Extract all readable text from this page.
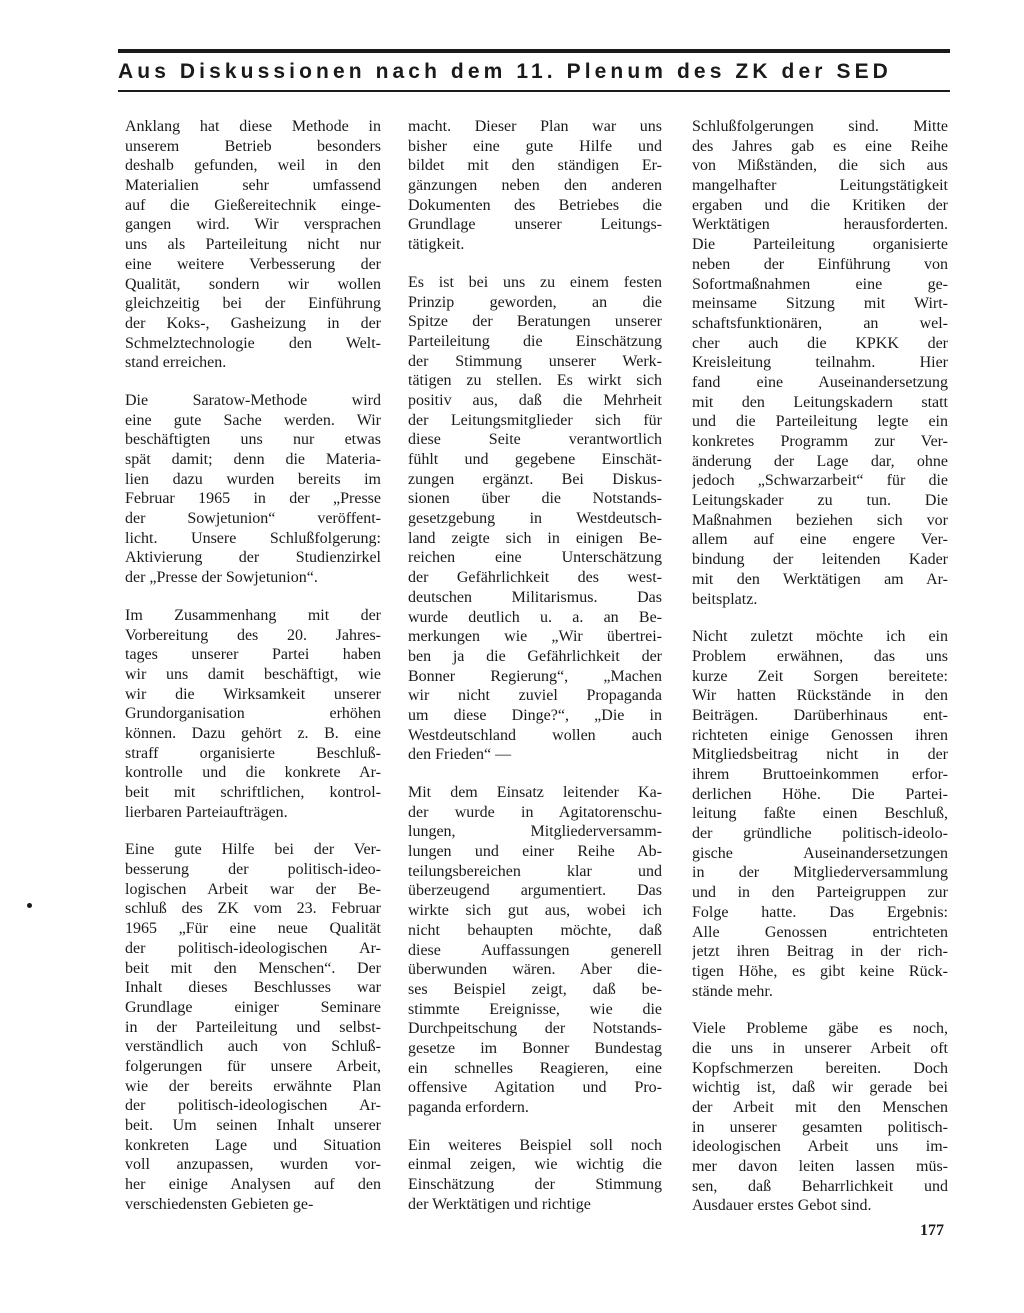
Aus Diskussionen nach dem 11. Plenum des ZK der SED
Anklang hat diese Methode in
unserem Betrieb besonders
deshalb gefunden, weil in den
Materialien sehr umfassend
auf die Gießereitechnik einge-
gangen wird. Wir versprachen
uns als Parteileitung nicht nur
eine weitere Verbesserung der
Qualität, sondern wir wollen
gleichzeitig bei der Einführung
der Koks-, Gasheizung in der
Schmelztechnologie den Welt-
stand erreichen.
Die Saratow-Methode wird
eine gute Sache werden. Wir
beschäftigten uns nur etwas
spät damit; denn die Materia-
lien dazu wurden bereits im
Februar 1965 in der „Presse
der Sowjetunion“ veröffent-
licht. Unsere Schlußfolgerung:
Aktivierung der Studienzirkel
der „Presse der Sowjetunion“.
Im Zusammenhang mit der
Vorbereitung des 20. Jahres-
tages unserer Partei haben
wir uns damit beschäftigt, wie
wir die Wirksamkeit unserer
Grundorganisation erhöhen
können. Dazu gehört z. B. eine
straff organisierte Beschluß-
kontrolle und die konkrete Ar-
beit mit schriftlichen, kontrol-
lierbaren Parteiaufträgen.
Eine gute Hilfe bei der Ver-
besserung der politisch-ideo-
logischen Arbeit war der Be-
schluß des ZK vom 23. Februar
1965 „Für eine neue Qualität
der politisch-ideologischen Ar-
beit mit den Menschen“. Der
Inhalt dieses Beschlusses war
Grundlage einiger Seminare
in der Parteileitung und selbst-
verständlich auch von Schluß-
folgerungen für unsere Arbeit,
wie der bereits erwähnte Plan
der politisch-ideologischen Ar-
beit. Um seinen Inhalt unserer
konkreten Lage und Situation
voll anzupassen, wurden vor-
her einige Analysen auf den
verschiedensten Gebieten ge-
macht. Dieser Plan war uns
bisher eine gute Hilfe und
bildet mit den ständigen Er-
gänzungen neben den anderen
Dokumenten des Betriebes die
Grundlage unserer Leitungs-
tätigkeit.
Es ist bei uns zu einem festen
Prinzip geworden, an die
Spitze der Beratungen unserer
Parteileitung die Einschätzung
der Stimmung unserer Werk-
tätigen zu stellen. Es wirkt sich
positiv aus, daß die Mehrheit
der Leitungsmitglieder sich für
diese Seite verantwortlich
fühlt und gegebene Einschät-
zungen ergänzt. Bei Diskus-
sionen über die Notstands-
gesetzgebung in Westdeutsch-
land zeigte sich in einigen Be-
reichen eine Unterschätzung
der Gefährlichkeit des west-
deutschen Militarismus. Das
wurde deutlich u. a. an Be-
merkungen wie „Wir übertrei-
ben ja die Gefährlichkeit der
Bonner Regierung“, „Machen
wir nicht zuviel Propaganda
um diese Dinge?“, „Die in
Westdeutschland wollen auch
den Frieden“ —
Mit dem Einsatz leitender Ka-
der wurde in Agitatorenschu-
lungen, Mitgliederversamm-
lungen und einer Reihe Ab-
teilungsbereichen klar und
überzeugend argumentiert. Das
wirkte sich gut aus, wobei ich
nicht behaupten möchte, daß
diese Auffassungen generell
überwunden wären. Aber die-
ses Beispiel zeigt, daß be-
stimmte Ereignisse, wie die
Durchpeitschung der Notstands-
gesetze im Bonner Bundestag
ein schnelles Reagieren, eine
offensive Agitation und Pro-
paganda erfordern.
Ein weiteres Beispiel soll noch
einmal zeigen, wie wichtig die
Einschätzung der Stimmung
der Werktätigen und richtige
Schlußfolgerungen sind. Mitte
des Jahres gab es eine Reihe
von Mißständen, die sich aus
mangelhafter Leitungstätigkeit
ergaben und die Kritiken der
Werktätigen herausforderten.
Die Parteileitung organisierte
neben der Einführung von
Sofortmaßnahmen eine ge-
meinsame Sitzung mit Wirt-
schaftsfunktionären, an wel-
cher auch die KPKK der
Kreisleitung teilnahm. Hier
fand eine Auseinandersetzung
mit den Leitungskadern statt
und die Parteileitung legte ein
konkretes Programm zur Ver-
änderung der Lage dar, ohne
jedoch „Schwarzarbeit“ für die
Leitungskader zu tun. Die
Maßnahmen beziehen sich vor
allem auf eine engere Ver-
bindung der leitenden Kader
mit den Werktätigen am Ar-
beitsplatz.
Nicht zuletzt möchte ich ein
Problem erwähnen, das uns
kurze Zeit Sorgen bereitete:
Wir hatten Rückstände in den
Beiträgen. Darüberhinaus ent-
richteten einige Genossen ihren
Mitgliedsbeitrag nicht in der
ihrem Bruttoeinkommen erfor-
derlichen Höhe. Die Partei-
leitung faßte einen Beschluß,
der gründliche politisch-ideolo-
gische Auseinandersetzungen
in der Mitgliederversammlung
und in den Parteigruppen zur
Folge hatte. Das Ergebnis:
Alle Genossen entrichteten
jetzt ihren Beitrag in der rich-
tigen Höhe, es gibt keine Rück-
stände mehr.
Viele Probleme gäbe es noch,
die uns in unserer Arbeit oft
Kopfschmerzen bereiten. Doch
wichtig ist, daß wir gerade bei
der Arbeit mit den Menschen
in unserer gesamten politisch-
ideologischen Arbeit uns im-
mer davon leiten lassen müs-
sen, daß Beharrlichkeit und
Ausdauer erstes Gebot sind.
177
